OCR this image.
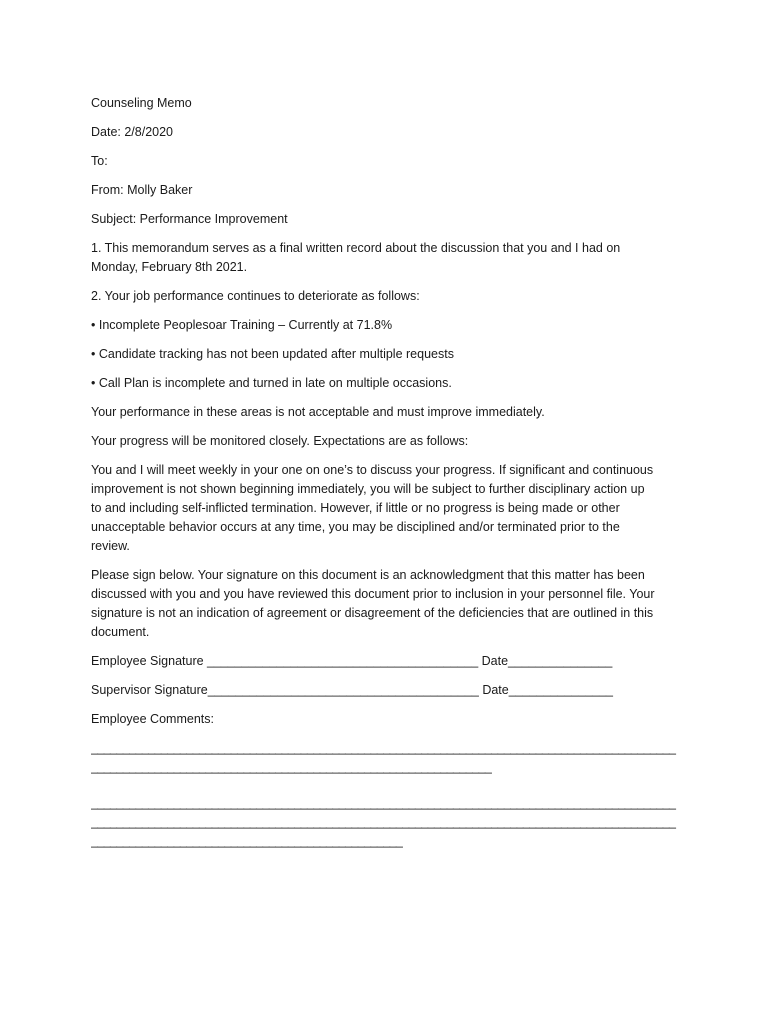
Counseling Memo
Date: 2/8/2020
To:
From: Molly Baker
Subject: Performance Improvement
1. This memorandum serves as a final written record about the discussion that you and I had on
Monday, February 8th 2021.
2. Your job performance continues to deteriorate as follows:
• Incomplete Peoplesoar Training – Currently at 71.8%
• Candidate tracking has not been updated after multiple requests
• Call Plan is incomplete and turned in late on multiple occasions.
Your performance in these areas is not acceptable and must improve immediately.
Your progress will be monitored closely. Expectations are as follows:
You and I will meet weekly in your one on one’s to discuss your progress. If significant and continuous
improvement is not shown beginning immediately, you will be subject to further disciplinary action up
to and including self-inflicted termination. However, if little or no progress is being made or other
unacceptable behavior occurs at any time, you may be disciplined and/or terminated prior to the
review.
Please sign below. Your signature on this document is an acknowledgment that this matter has been
discussed with you and you have reviewed this document prior to inclusion in your personnel file. Your
signature is not an indication of agreement or disagreement of the deficiencies that are outlined in this
document.
Employee Signature _______________________________________ Date_______________
Supervisor Signature_______________________________________ Date_______________
Employee Comments:
____________________________________________________________________________________________
_______________________________________________________________
____________________________________________________________________________________________
____________________________________________________________________________________________
_________________________________________________
